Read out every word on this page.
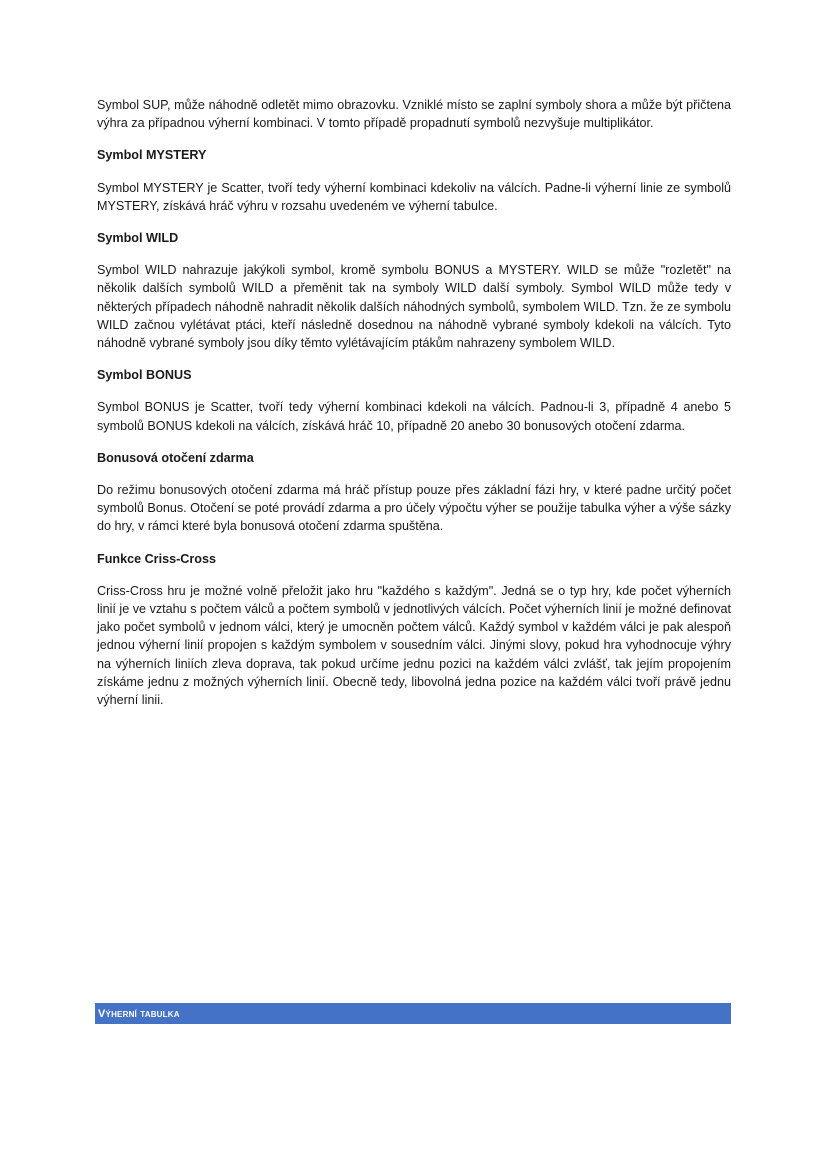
Symbol SUP, může náhodně odletět mimo obrazovku. Vzniklé místo se zaplní symboly shora a může být přičtena výhra za případnou výherní kombinaci. V tomto případě propadnutí symbolů nezvyšuje multiplikátor.

Symbol MYSTERY

Symbol MYSTERY je Scatter, tvoří tedy výherní kombinaci kdekoliv na válcích. Padne-li výherní linie ze symbolů MYSTERY, získává hráč výhru v rozsahu uvedeném ve výherní tabulce.

Symbol WILD

Symbol WILD nahrazuje jakýkoli symbol, kromě symbolu BONUS a MYSTERY. WILD se může "rozletět" na několik dalších symbolů WILD a přeměnit tak na symboly WILD další symboly. Symbol WILD může tedy v některých případech náhodně nahradit několik dalších náhodných symbolů, symbolem WILD. Tzn. že ze symbolu WILD začnou vylétávat ptáci, kteří následně dosednou na náhodně vybrané symboly kdekoli na válcích. Tyto náhodně vybrané symboly jsou díky těmto vylétávajícím ptákům nahrazeny symbolem WILD.

Symbol BONUS

Symbol BONUS je Scatter, tvoří tedy výherní kombinaci kdekoli na válcích. Padnou-li 3, případně 4 anebo 5 symbolů BONUS kdekoli na válcích, získává hráč 10, případně 20 anebo 30 bonusových otočení zdarma.

Bonusová otočení zdarma

Do režimu bonusových otočení zdarma má hráč přístup pouze přes základní fázi hry, v které padne určitý počet symbolů Bonus. Otočení se poté provádí zdarma a pro účely výpočtu výher se použije tabulka výher a výše sázky do hry, v rámci které byla bonusová otočení zdarma spuštěna.

Funkce Criss-Cross

Criss-Cross hru je možné volně přeložit jako hru "každého s každým". Jedná se o typ hry, kde počet výherních linií je ve vztahu s počtem válců a počtem symbolů v jednotlivých válcích. Počet výherních linií je možné definovat jako počet symbolů v jednom válci, který je umocněn počtem válců. Každý symbol v každém válci je pak alespoň jednou výherní linií propojen s každým symbolem v sousedním válci. Jinými slovy, pokud hra vyhodnocuje výhry na výherních liniích zleva doprava, tak pokud určíme jednu pozici na každém válci zvlášť, tak jejím propojením získáme jednu z možných výherních linií. Obecně tedy, libovolná jedna pozice na každém válci tvoří právě jednu výherní linii.

Výherní tabulka
